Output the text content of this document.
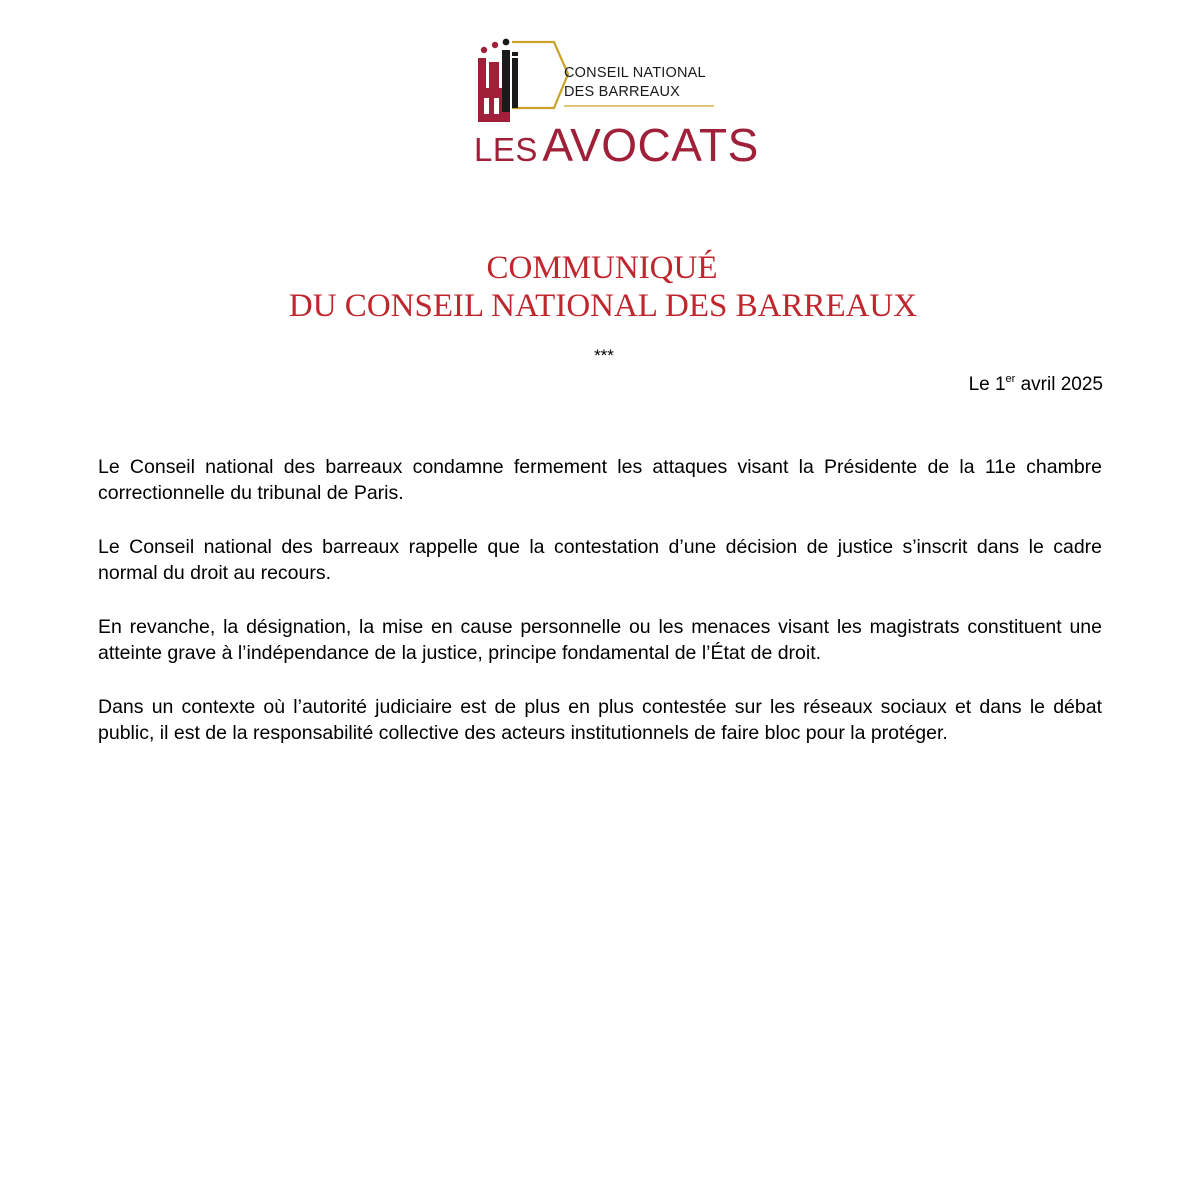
CONSEIL NATIONAL
DES BARREAUX
LES AVOCATS
COMMUNIQUÉ
DU CONSEIL NATIONAL DES BARREAUX
***
Le 1er avril 2025

Le Conseil national des barreaux condamne fermement les attaques visant la Présidente de la 11e chambre correctionnelle du tribunal de Paris.

Le Conseil national des barreaux rappelle que la contestation d’une décision de justice s’inscrit dans le cadre normal du droit au recours.

En revanche, la désignation, la mise en cause personnelle ou les menaces visant les magistrats constituent une atteinte grave à l’indépendance de la justice, principe fondamental de l’État de droit.

Dans un contexte où l’autorité judiciaire est de plus en plus contestée sur les réseaux sociaux et dans le débat public, il est de la responsabilité collective des acteurs institutionnels de faire bloc pour la protéger.
